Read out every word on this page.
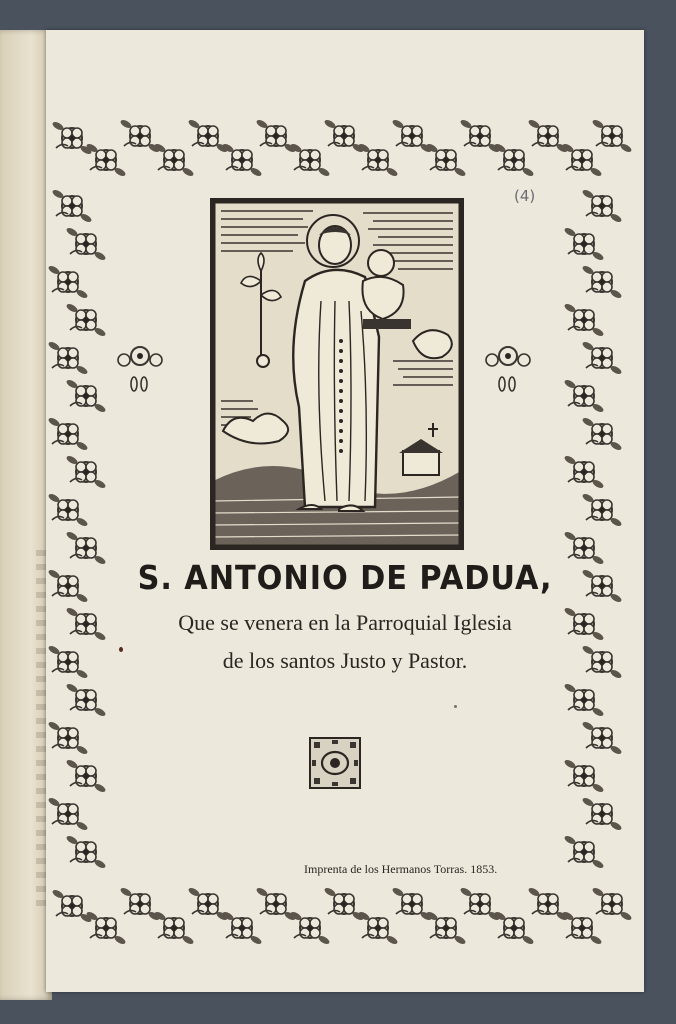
(4)
S. ANTONIO DE PADUA,
Que se venera en la Parroquial Iglesia
de los santos Justo y Pastor.
Imprenta de los Hermanos Torras. 1853.
